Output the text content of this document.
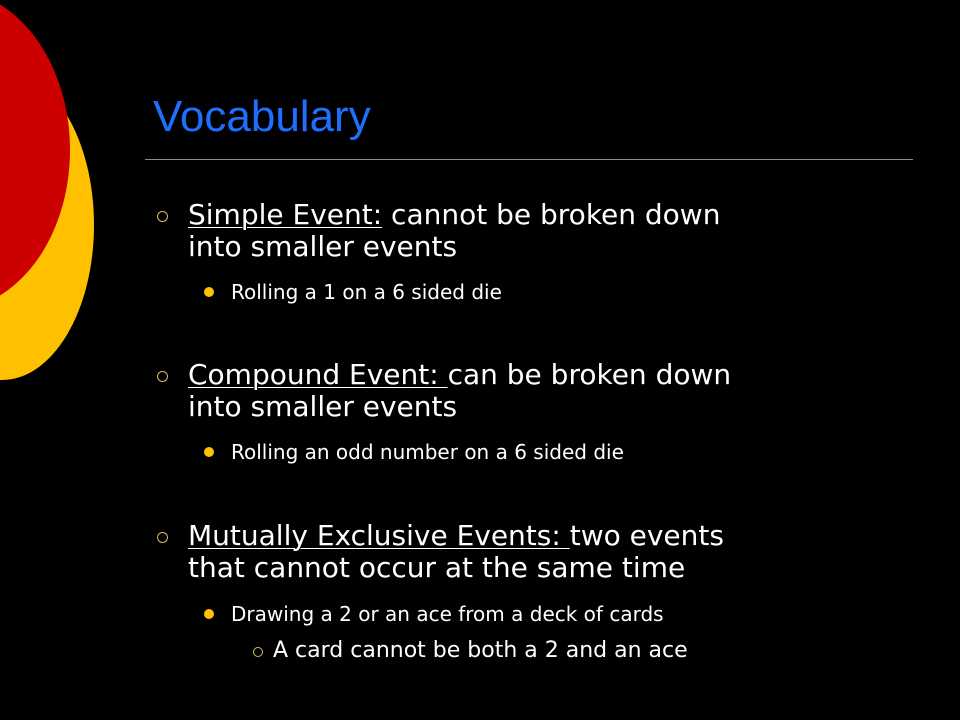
Vocabulary
Simple Event: cannot be broken down
into smaller events
Rolling a 1 on a 6 sided die
Compound Event: can be broken down
into smaller events
Rolling an odd number on a 6 sided die
Mutually Exclusive Events: two events
that cannot occur at the same time
Drawing a 2 or an ace from a deck of cards
A card cannot be both a 2 and an ace
